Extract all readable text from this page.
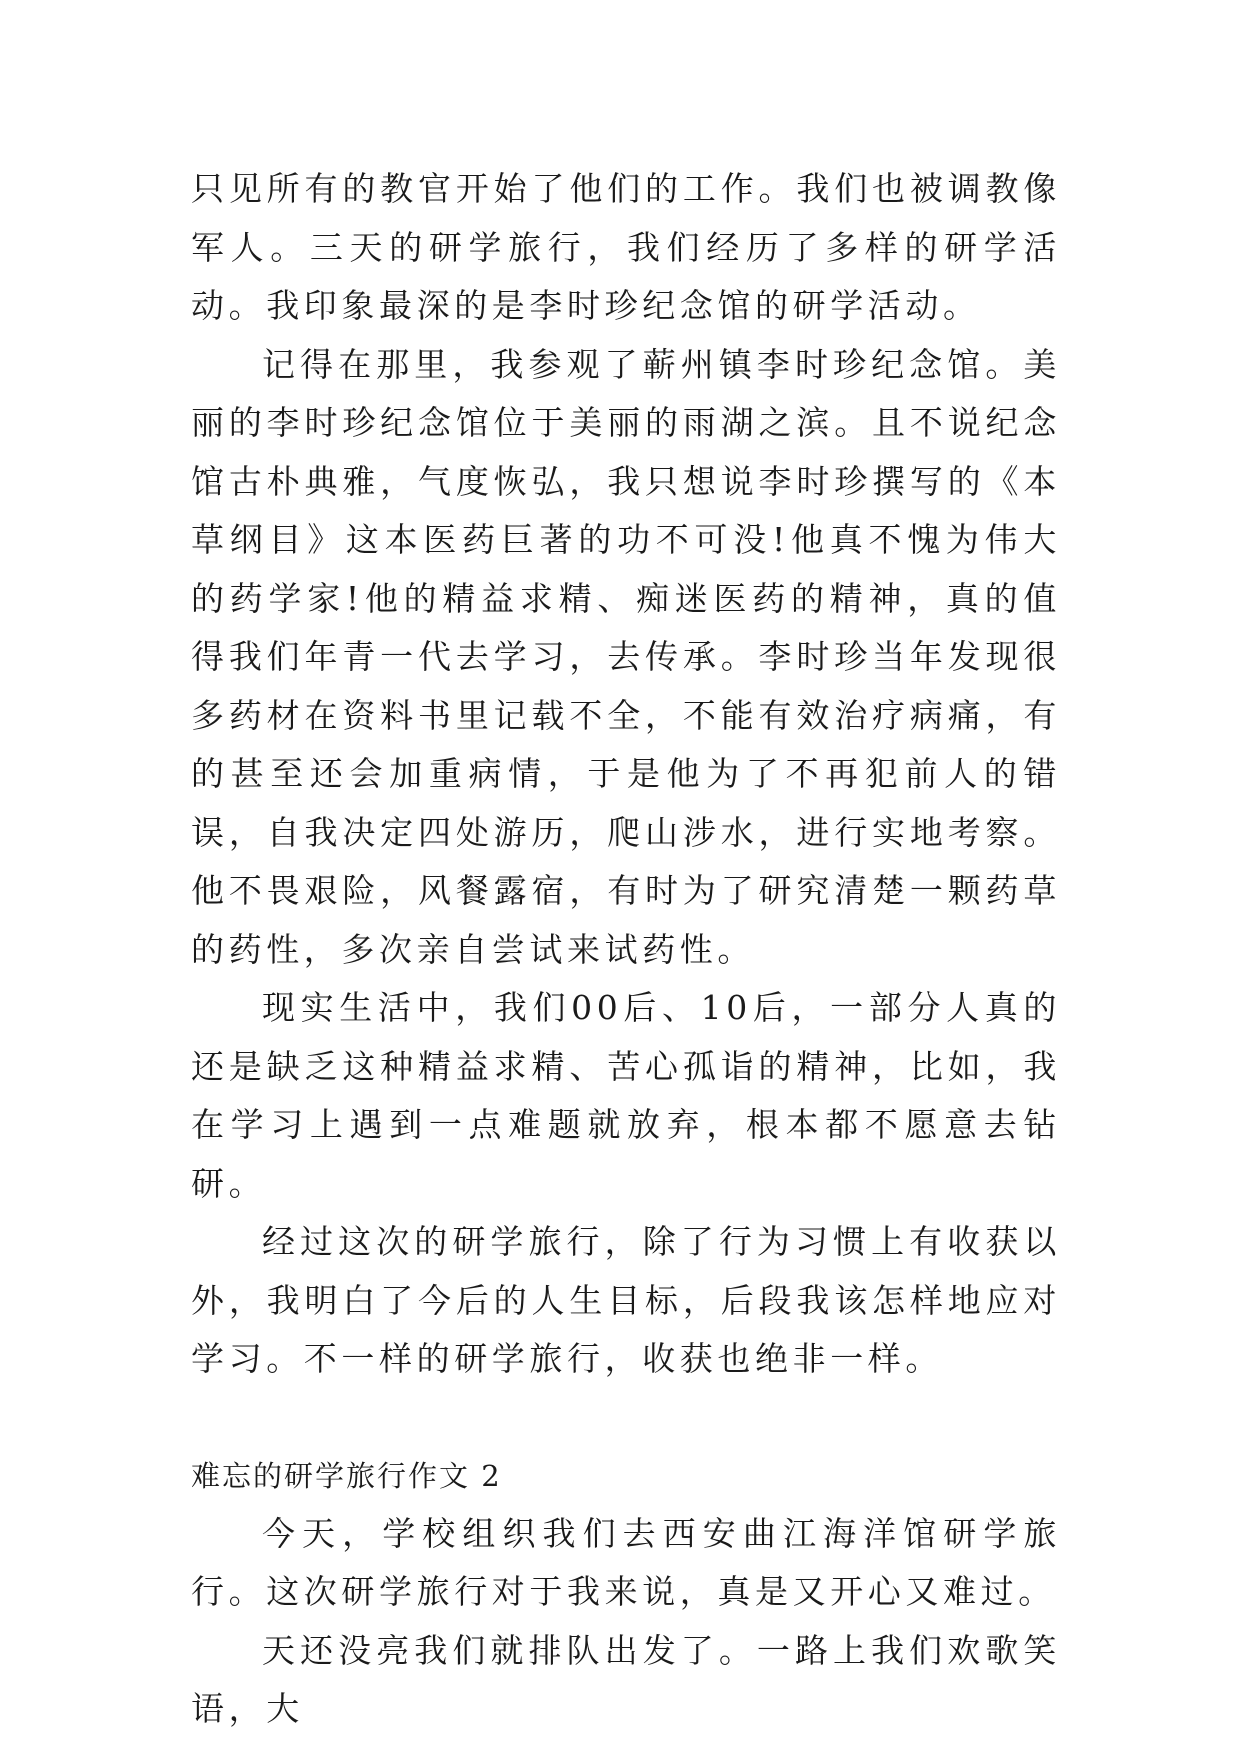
只见所有的教官开始了他们的工作。我们也被调教像军人。三天的研学旅行，我们经历了多样的研学活动。我印象最深的是李时珍纪念馆的研学活动。

记得在那里，我参观了蕲州镇李时珍纪念馆。美丽的李时珍纪念馆位于美丽的雨湖之滨。且不说纪念馆古朴典雅，气度恢弘，我只想说李时珍撰写的《本草纲目》这本医药巨著的功不可没!他真不愧为伟大的药学家!他的精益求精、痴迷医药的精神，真的值得我们年青一代去学习，去传承。李时珍当年发现很多药材在资料书里记载不全，不能有效治疗病痛，有的甚至还会加重病情，于是他为了不再犯前人的错误，自我决定四处游历，爬山涉水，进行实地考察。他不畏艰险，风餐露宿，有时为了研究清楚一颗药草的药性，多次亲自尝试来试药性。

现实生活中，我们00后、10后，一部分人真的还是缺乏这种精益求精、苦心孤诣的精神，比如，我在学习上遇到一点难题就放弃，根本都不愿意去钻研。

经过这次的研学旅行，除了行为习惯上有收获以外，我明白了今后的人生目标，后段我该怎样地应对学习。不一样的研学旅行，收获也绝非一样。

难忘的研学旅行作文 2

今天，学校组织我们去西安曲江海洋馆研学旅行。这次研学旅行对于我来说，真是又开心又难过。

天还没亮我们就排队出发了。一路上我们欢歌笑语，大
